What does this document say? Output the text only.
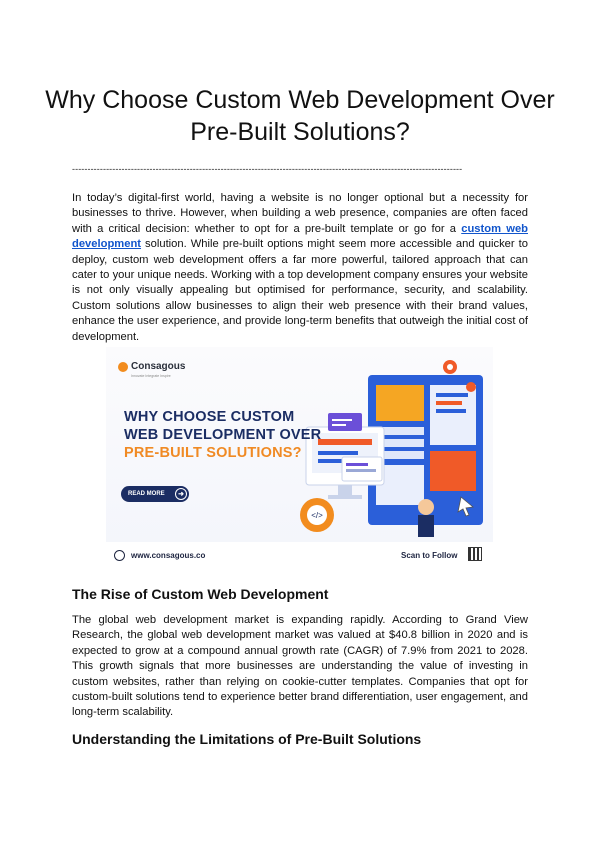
Why Choose Custom Web Development Over Pre-Built Solutions?
------------------------------------------------------------------------------------------------------------------------------
In today’s digital-first world, having a website is no longer optional but a necessity for businesses to thrive. However, when building a web presence, companies are often faced with a critical decision: whether to opt for a pre-built template or go for a custom web development solution. While pre-built options might seem more accessible and quicker to deploy, custom web development offers a far more powerful, tailored approach that can cater to your unique needs. Working with a top development company ensures your website is not only visually appealing but optimised for performance, security, and scalability. Custom solutions allow businesses to align their web presence with their brand values, enhance the user experience, and provide long-term benefits that outweigh the initial cost of development.
</>
Consagous
Innovate Integrate Inspire
WHY CHOOSE CUSTOM
WEB DEVELOPMENT OVER
PRE-BUILT SOLUTIONS?
READ MORE	➜
www.consagous.co	Scan to Follow
The Rise of Custom Web Development
The global web development market is expanding rapidly. According to Grand View Research, the global web development market was valued at $40.8 billion in 2020 and is expected to grow at a compound annual growth rate (CAGR) of 7.9% from 2021 to 2028. This growth signals that more businesses are understanding the value of investing in custom websites, rather than relying on cookie-cutter templates. Companies that opt for custom-built solutions tend to experience better brand differentiation, user engagement, and long-term scalability.
Understanding the Limitations of Pre-Built Solutions
